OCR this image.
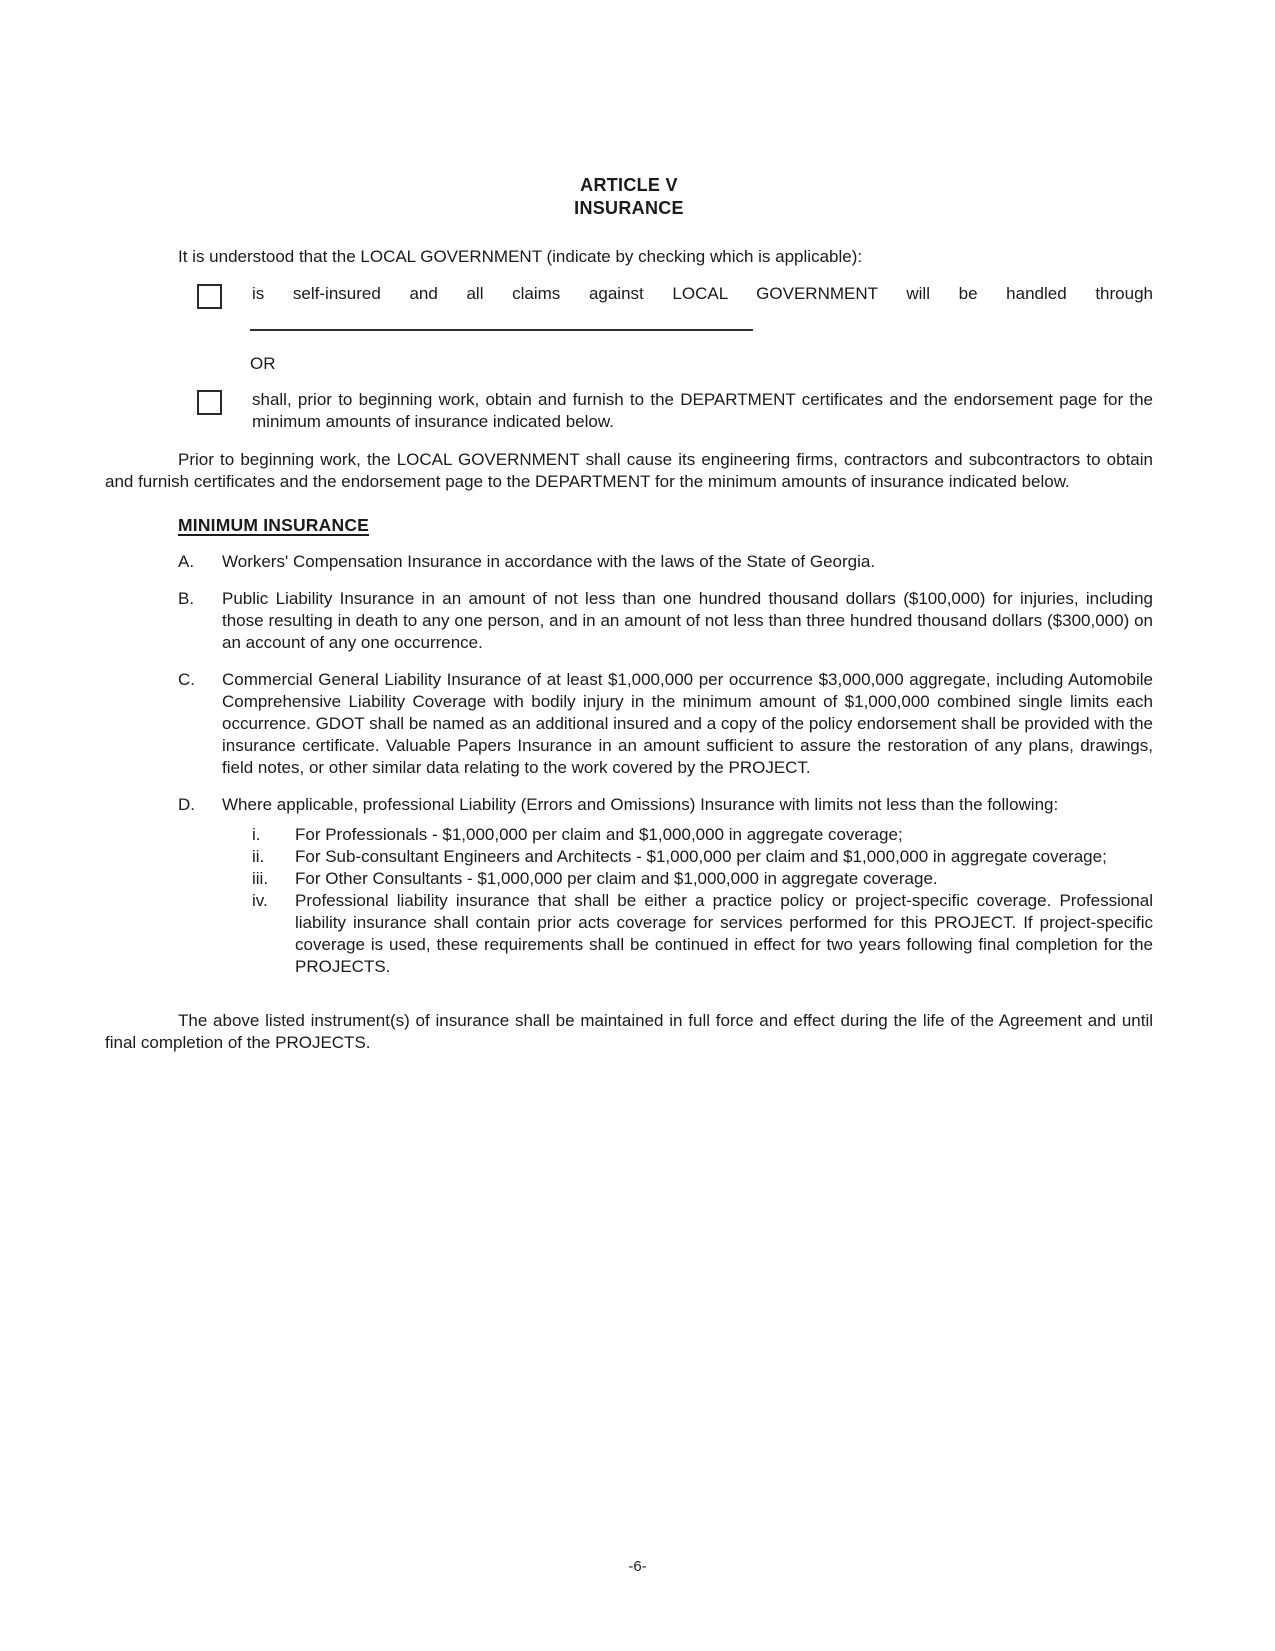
ARTICLE V
INSURANCE
It is understood that the LOCAL GOVERNMENT (indicate by checking which is applicable):
is self-insured and all claims against LOCAL GOVERNMENT will be handled through
OR
shall, prior to beginning work, obtain and furnish to the DEPARTMENT certificates and the endorsement page for the minimum amounts of insurance indicated below.
Prior to beginning work, the LOCAL GOVERNMENT shall cause its engineering firms, contractors and subcontractors to obtain and furnish certificates and the endorsement page to the DEPARTMENT for the minimum amounts of insurance indicated below.
MINIMUM INSURANCE
A.	Workers' Compensation Insurance in accordance with the laws of the State of Georgia.
B.	Public Liability Insurance in an amount of not less than one hundred thousand dollars ($100,000) for injuries, including those resulting in death to any one person, and in an amount of not less than three hundred thousand dollars ($300,000) on an account of any one occurrence.
C.	Commercial General Liability Insurance of at least $1,000,000 per occurrence $3,000,000 aggregate, including Automobile Comprehensive Liability Coverage with bodily injury in the minimum amount of $1,000,000 combined single limits each occurrence. GDOT shall be named as an additional insured and a copy of the policy endorsement shall be provided with the insurance certificate. Valuable Papers Insurance in an amount sufficient to assure the restoration of any plans, drawings, field notes, or other similar data relating to the work covered by the PROJECT.
D.	Where applicable, professional Liability (Errors and Omissions) Insurance with limits not less than the following:
i.	For Professionals - $1,000,000 per claim and $1,000,000 in aggregate coverage;
ii.	For Sub-consultant Engineers and Architects - $1,000,000 per claim and $1,000,000 in aggregate coverage;
iii.	For Other Consultants - $1,000,000 per claim and $1,000,000 in aggregate coverage.
iv.	Professional liability insurance that shall be either a practice policy or project-specific coverage. Professional liability insurance shall contain prior acts coverage for services performed for this PROJECT. If project-specific coverage is used, these requirements shall be continued in effect for two years following final completion for the PROJECTS.
The above listed instrument(s) of insurance shall be maintained in full force and effect during the life of the Agreement and until final completion of the PROJECTS.
-6-
